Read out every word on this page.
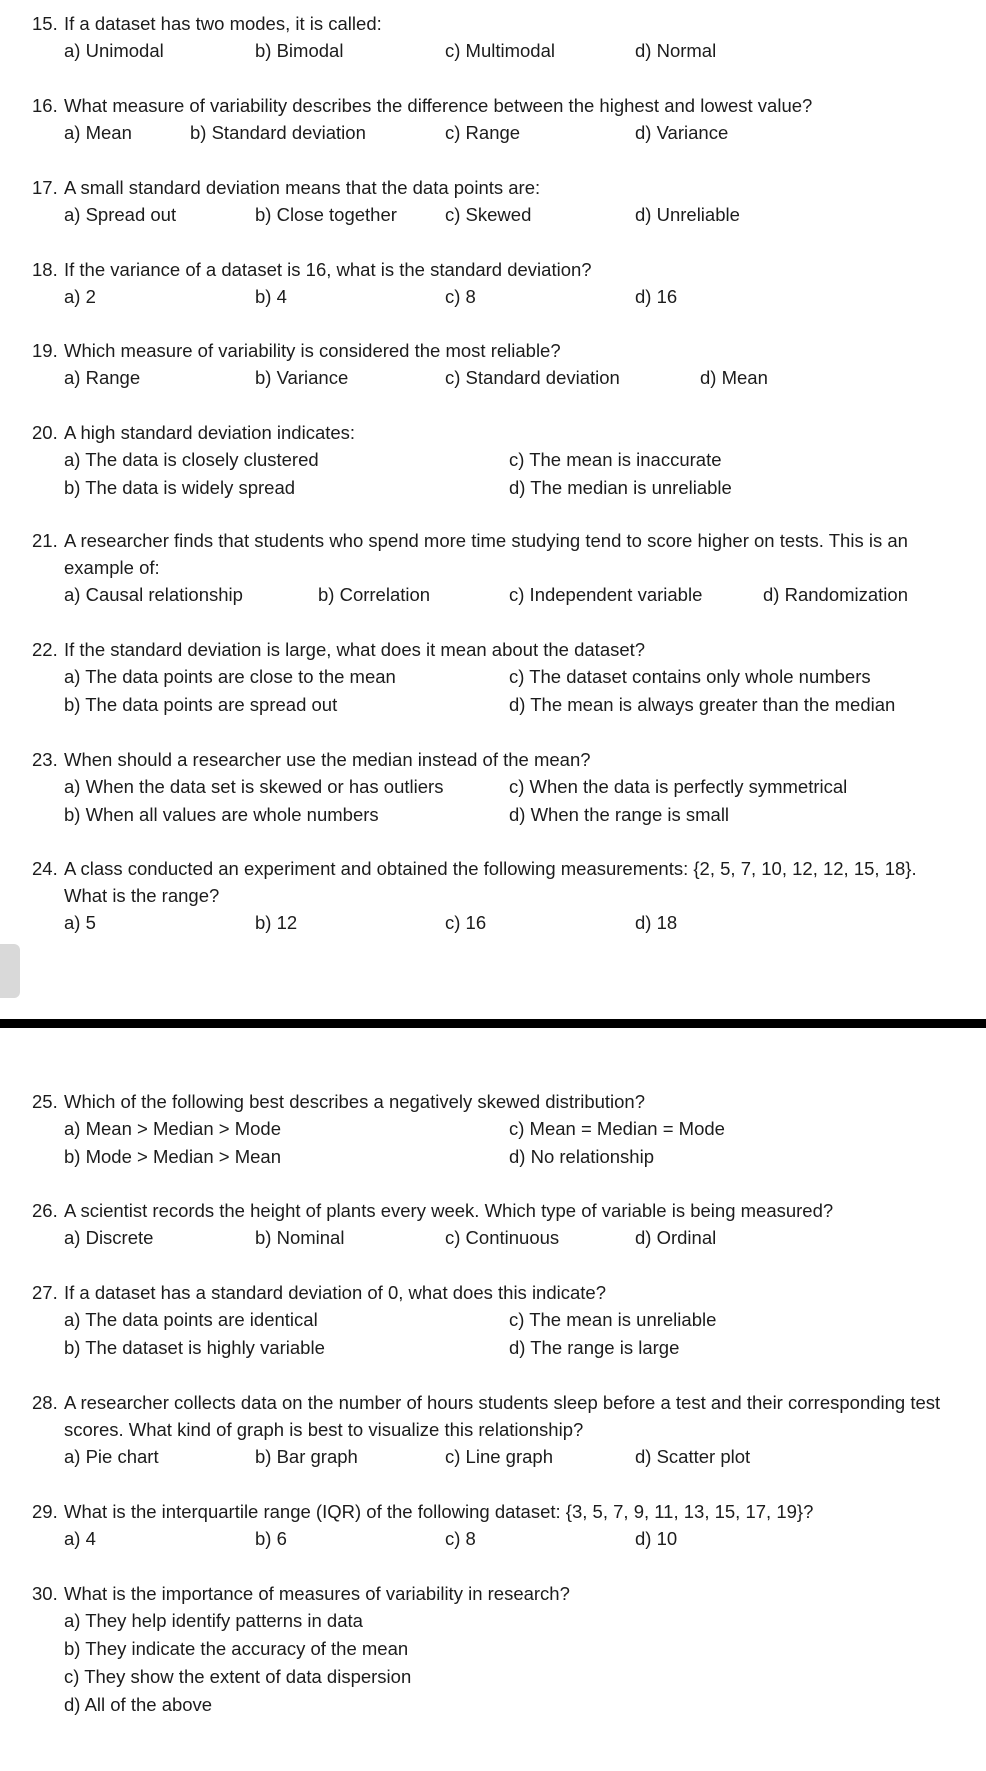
15. If a dataset has two modes, it is called:
a) Unimodal	b) Bimodal	c) Multimodal	d) Normal
16. What measure of variability describes the difference between the highest and lowest value?
a) Mean	b) Standard deviation	c) Range	d) Variance
17. A small standard deviation means that the data points are:
a) Spread out	b) Close together	c) Skewed	d) Unreliable
18. If the variance of a dataset is 16, what is the standard deviation?
a) 2	b) 4	c) 8	d) 16
19. Which measure of variability is considered the most reliable?
a) Range	b) Variance	c) Standard deviation	d) Mean
20. A high standard deviation indicates:
a) The data is closely clustered	c) The mean is inaccurate
b) The data is widely spread	d) The median is unreliable
21. A researcher finds that students who spend more time studying tend to score higher on tests. This is an example of:
a) Causal relationship	b) Correlation	c) Independent variable	d) Randomization
22. If the standard deviation is large, what does it mean about the dataset?
a) The data points are close to the mean	c) The dataset contains only whole numbers
b) The data points are spread out	d) The mean is always greater than the median
23. When should a researcher use the median instead of the mean?
a) When the data set is skewed or has outliers	c) When the data is perfectly symmetrical
b) When all values are whole numbers	d) When the range is small
24. A class conducted an experiment and obtained the following measurements: {2, 5, 7, 10, 12, 12, 15, 18}. What is the range?
a) 5	b) 12	c) 16	d) 18
25. Which of the following best describes a negatively skewed distribution?
a) Mean > Median > Mode	c) Mean = Median = Mode
b) Mode > Median > Mean	d) No relationship
26. A scientist records the height of plants every week. Which type of variable is being measured?
a) Discrete	b) Nominal	c) Continuous	d) Ordinal
27. If a dataset has a standard deviation of 0, what does this indicate?
a) The data points are identical	c) The mean is unreliable
b) The dataset is highly variable	d) The range is large
28. A researcher collects data on the number of hours students sleep before a test and their corresponding test scores. What kind of graph is best to visualize this relationship?
a) Pie chart	b) Bar graph	c) Line graph	d) Scatter plot
29. What is the interquartile range (IQR) of the following dataset: {3, 5, 7, 9, 11, 13, 15, 17, 19}?
a) 4	b) 6	c) 8	d) 10
30. What is the importance of measures of variability in research?
a) They help identify patterns in data
b) They indicate the accuracy of the mean
c) They show the extent of data dispersion
d) All of the above
